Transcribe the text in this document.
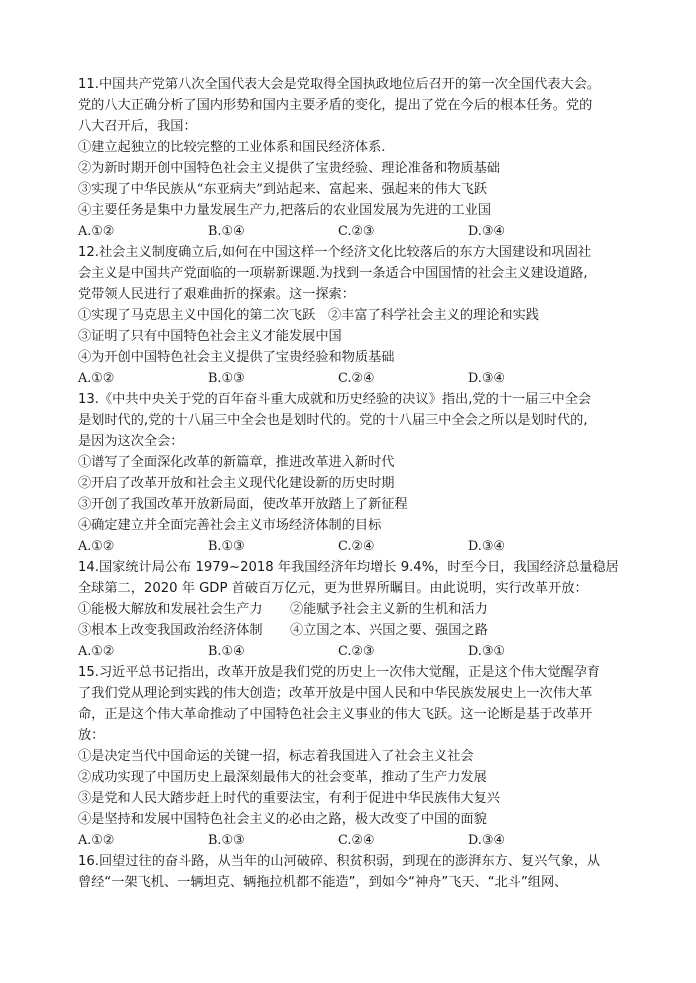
11.中国共产党第八次全国代表大会是党取得全国执政地位后召开的第一次全国代表大会。

党的八大正确分析了国内形势和国内主要矛盾的变化，提出了党在今后的根本任务。党的

八大召开后，我国：

①建立起独立的比较完整的工业体系和国民经济体系.

②为新时期开创中国特色社会主义提供了宝贵经验、理论准备和物质基础

③实现了中华民族从“东亚病夫”到站起来、富起来、强起来的伟大飞跃

④主要任务是集中力量发展生产力,把落后的农业国发展为先进的工业国

A.①②	B.①④	C.②③	D.③④

12.社会主义制度确立后,如何在中国这样一个经济文化比较落后的东方大国建设和巩固社

会主义是中国共产党面临的一项崭新课题.为找到一条适合中国国情的社会主义建设道路,

党带领人民进行了艰难曲折的探索。这一探索：

①实现了马克思主义中国化的第二次飞跃 ②丰富了科学社会主义的理论和实践

③证明了只有中国特色社会主义才能发展中国

④为开创中国特色社会主义提供了宝贵经验和物质基础

A.①②	B.①③	C.②④	D.③④

13.《中共中央关于党的百年奋斗重大成就和历史经验的决议》指出,党的十一届三中全会

是划时代的,党的十八届三中全会也是划时代的。党的十八届三中全会之所以是划时代的,

是因为这次全会：

①谱写了全面深化改革的新篇章，推进改革进入新时代

②开启了改革开放和社会主义现代化建设新的历史时期

③开创了我国改革开放新局面，使改革开放踏上了新征程

④确定建立并全面完善社会主义市场经济体制的目标

A.①②	B.①③	C.②④	D.③④

14.国家统计局公布 1979~2018 年我国经济年均增长 9.4%，时至今日，我国经济总量稳居

全球第二，2020 年 GDP 首破百万亿元，更为世界所瞩目。由此说明，实行改革开放：

①能极大解放和发展社会生产力	②能赋予社会主义新的生机和活力
③根本上改变我国政治经济体制	④立国之本、兴国之要、强国之路
A.①②	B.①④	C.②③	D.③①

15.习近平总书记指出，改革开放是我们党的历史上一次伟大觉醒，正是这个伟大觉醒孕育

了我们党从理论到实践的伟大创造；改革开放是中国人民和中华民族发展史上一次伟大革

命，正是这个伟大革命推动了中国特色社会主义事业的伟大飞跃。这一论断是基于改革开

放：

①是决定当代中国命运的关键一招，标志着我国进入了社会主义社会

②成功实现了中国历史上最深刻最伟大的社会变革，推动了生产力发展

③是党和人民大踏步赶上时代的重要法宝，有利于促进中华民族伟大复兴

④是坚持和发展中国特色社会主义的必由之路，极大改变了中国的面貌

A.①②	B.①③	C.②④	D.③④

16.回望过往的奋斗路，从当年的山河破碎、积贫积弱，到现在的澎湃东方、复兴气象，从

曾经“一架飞机、一辆坦克、辆拖拉机都不能造”，到如今“神舟”飞天、“北斗”组网、
